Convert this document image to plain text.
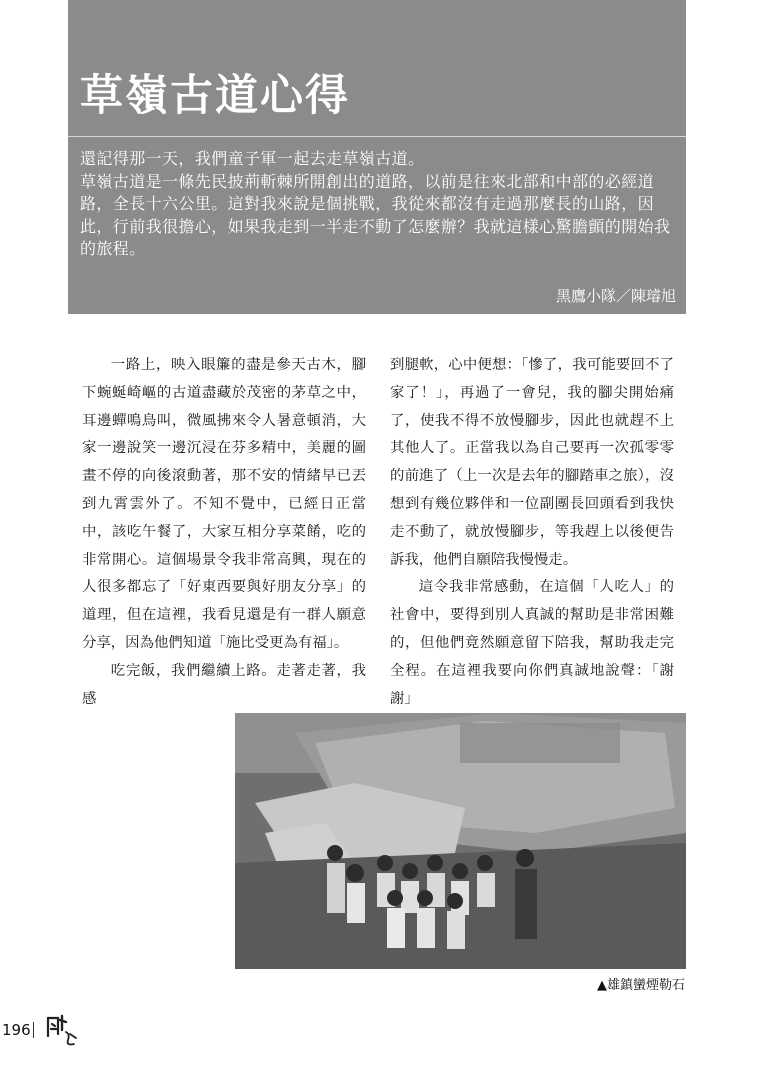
草嶺古道心得

還記得那一天，我們童子軍一起去走草嶺古道。

草嶺古道是一條先民披荊斬棘所開創出的道路，以前是往來北部和中部的必經道路，全長十六公里。這對我來說是個挑戰，我從來都沒有走過那麼長的山路，因此，行前我很擔心，如果我走到一半走不動了怎麼辦？我就這樣心驚膽顫的開始我的旅程。

黑鷹小隊／陳璿旭

一路上，映入眼簾的盡是參天古木，腳下蜿蜒崎嶇的古道盡藏於茂密的茅草之中，耳邊蟬鳴鳥叫，微風拂來令人暑意頓消，大家一邊說笑一邊沉浸在芬多精中，美麗的圖畫不停的向後滾動著，那不安的情緒早已丟到九霄雲外了。不知不覺中，已經日正當中，該吃午餐了，大家互相分享菜餚，吃的非常開心。這個場景令我非常高興，現在的人很多都忘了「好東西要與好朋友分享」的道理，但在這裡，我看見還是有一群人願意分享，因為他們知道「施比受更為有福」。

吃完飯，我們繼續上路。走著走著，我感

到腿軟，心中便想：「慘了，我可能要回不了家了！」，再過了一會兒，我的腳尖開始痛了，使我不得不放慢腳步，因此也就趕不上其他人了。正當我以為自己要再一次孤零零的前進了（上一次是去年的腳踏車之旅），沒想到有幾位夥伴和一位副團長回頭看到我快走不動了，就放慢腳步，等我趕上以後便告訴我，他們自願陪我慢慢走。

這令我非常感動，在這個「人吃人」的社會中，要得到別人真誠的幫助是非常困難的，但他們竟然願意留下陪我，幫助我走完全程。在這裡我要向你們真誠地說聲：「謝謝」

▲雄鎮蠻煙勒石
196
